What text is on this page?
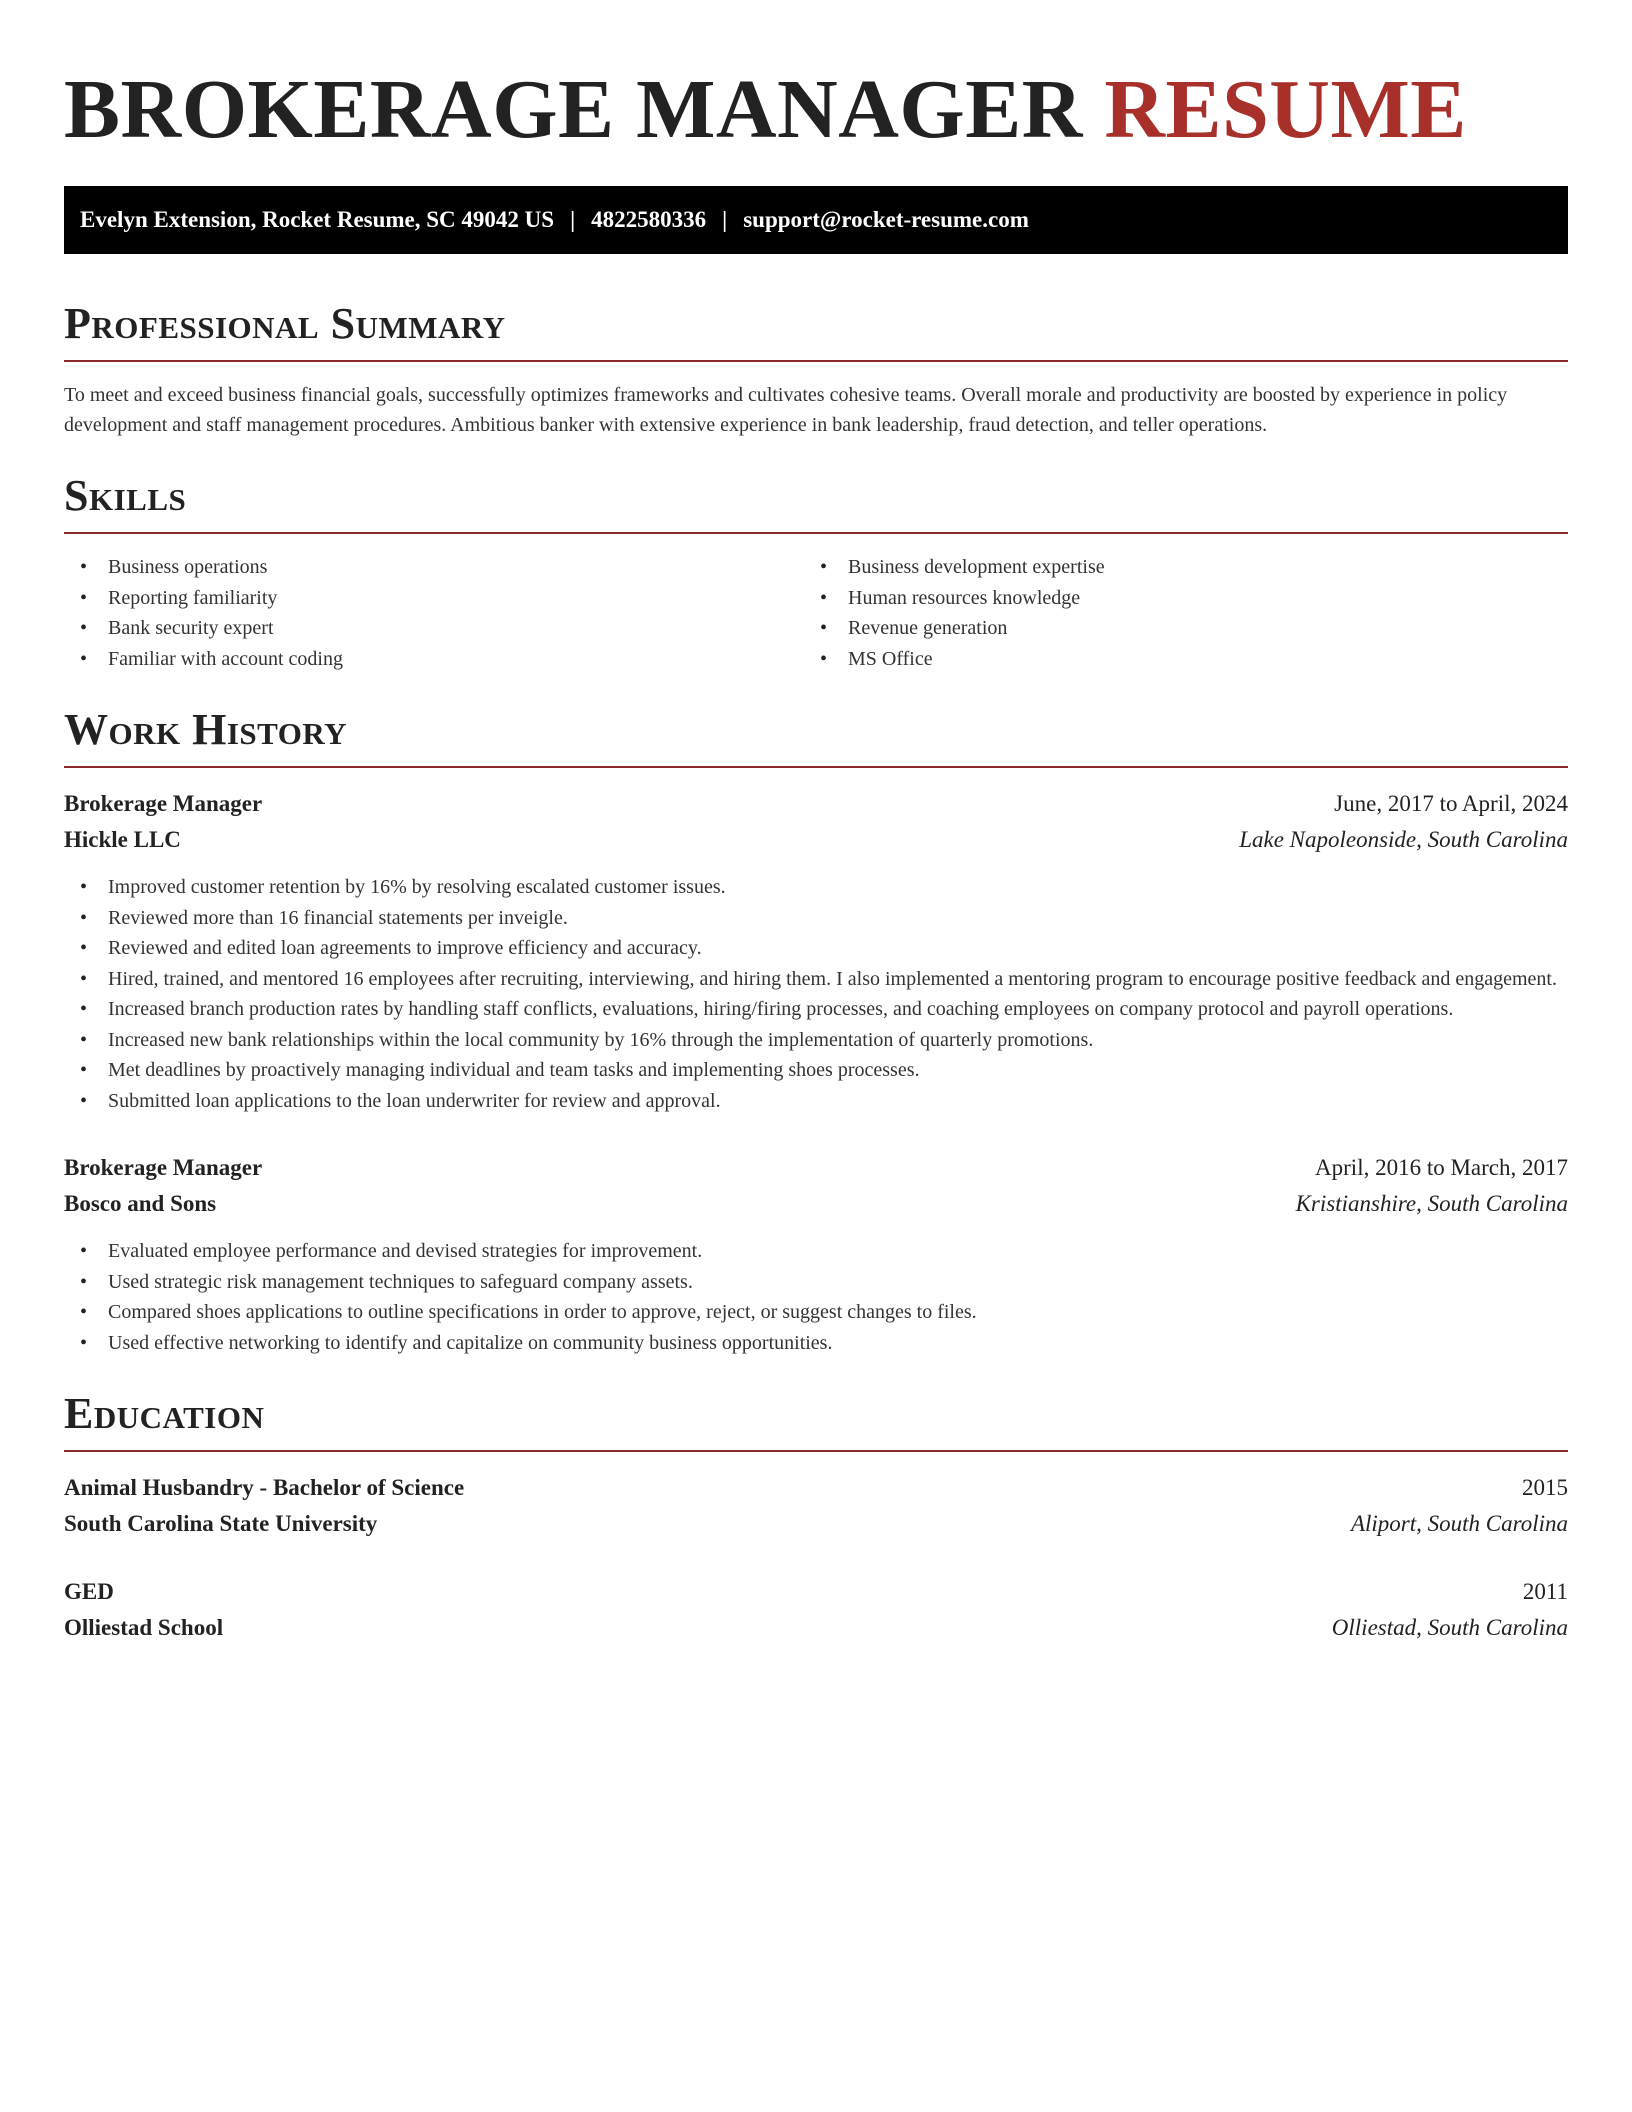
BROKERAGE MANAGER RESUME
Evelyn Extension, Rocket Resume, SC 49042 US | 4822580336 | support@rocket-resume.com
Professional Summary

To meet and exceed business financial goals, successfully optimizes frameworks and cultivates cohesive teams. Overall morale and productivity are boosted by experience in policy development and staff management procedures. Ambitious banker with extensive experience in bank leadership, fraud detection, and teller operations.

Skills
• Business operations
• Reporting familiarity
• Bank security expert
• Familiar with account coding
• Business development expertise
• Human resources knowledge
• Revenue generation
• MS Office
Work History
Brokerage Manager	June, 2017 to April, 2024
Hickle LLC	Lake Napoleonside, South Carolina
• Improved customer retention by 16% by resolving escalated customer issues.
• Reviewed more than 16 financial statements per inveigle.
• Reviewed and edited loan agreements to improve efficiency and accuracy.
• Hired, trained, and mentored 16 employees after recruiting, interviewing, and hiring them. I also implemented a mentoring program to encourage positive feedback and engagement.
• Increased branch production rates by handling staff conflicts, evaluations, hiring/firing processes, and coaching employees on company protocol and payroll operations.
• Increased new bank relationships within the local community by 16% through the implementation of quarterly promotions.
• Met deadlines by proactively managing individual and team tasks and implementing shoes processes.
• Submitted loan applications to the loan underwriter for review and approval.
Brokerage Manager	April, 2016 to March, 2017
Bosco and Sons	Kristianshire, South Carolina
• Evaluated employee performance and devised strategies for improvement.
• Used strategic risk management techniques to safeguard company assets.
• Compared shoes applications to outline specifications in order to approve, reject, or suggest changes to files.
• Used effective networking to identify and capitalize on community business opportunities.
Education
Animal Husbandry - Bachelor of Science	2015
South Carolina State University	Aliport, South Carolina
GED	2011
Olliestad School	Olliestad, South Carolina
